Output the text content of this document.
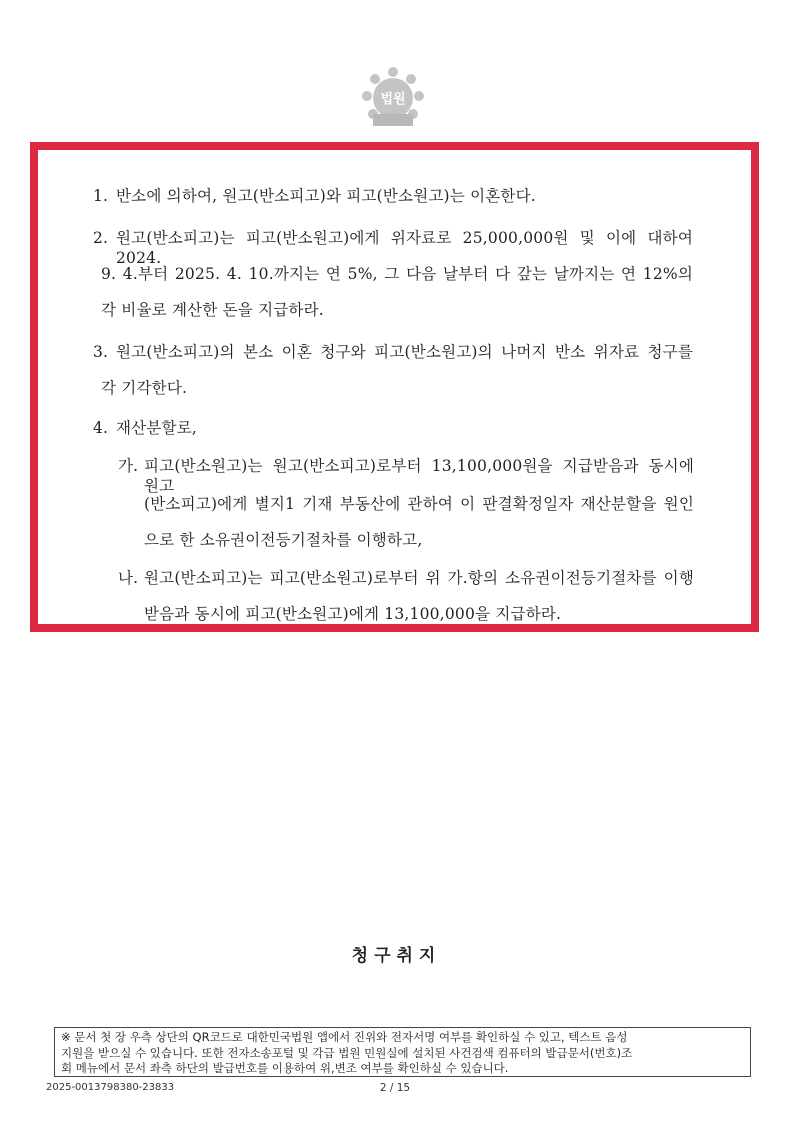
법원
1. 반소에 의하여, 원고(반소피고)와 피고(반소원고)는 이혼한다.
2. 원고(반소피고)는 피고(반소원고)에게 위자료로 25,000,000원 및 이에 대하여 2024.
9. 4.부터 2025. 4. 10.까지는 연 5%, 그 다음 날부터 다 갚는 날까지는 연 12%의
각 비율로 계산한 돈을 지급하라.
3. 원고(반소피고)의 본소 이혼 청구와 피고(반소원고)의 나머지 반소 위자료 청구를
각 기각한다.
4. 재산분할로,
가. 피고(반소원고)는 원고(반소피고)로부터 13,100,000원을 지급받음과 동시에 원고
(반소피고)에게 별지1 기재 부동산에 관하여 이 판결확정일자 재산분할을 원인
으로 한 소유권이전등기절차를 이행하고,
나. 원고(반소피고)는 피고(반소원고)로부터 위 가.항의 소유권이전등기절차를 이행
받음과 동시에 피고(반소원고)에게 13,100,000을 지급하라.
청구취지
※ 문서 첫 장 우측 상단의 QR코드로 대한민국법원 앱에서 진위와 전자서명 여부를 확인하실 수 있고, 텍스트 음성
지원을 받으실 수 있습니다. 또한 전자소송포털 및 각급 법원 민원실에 설치된 사건검색 컴퓨터의 발급문서(번호)조
회 메뉴에서 문서 좌측 하단의 발급번호를 이용하여 위,변조 여부를 확인하실 수 있습니다.
2025-0013798380-23833	2 / 15
